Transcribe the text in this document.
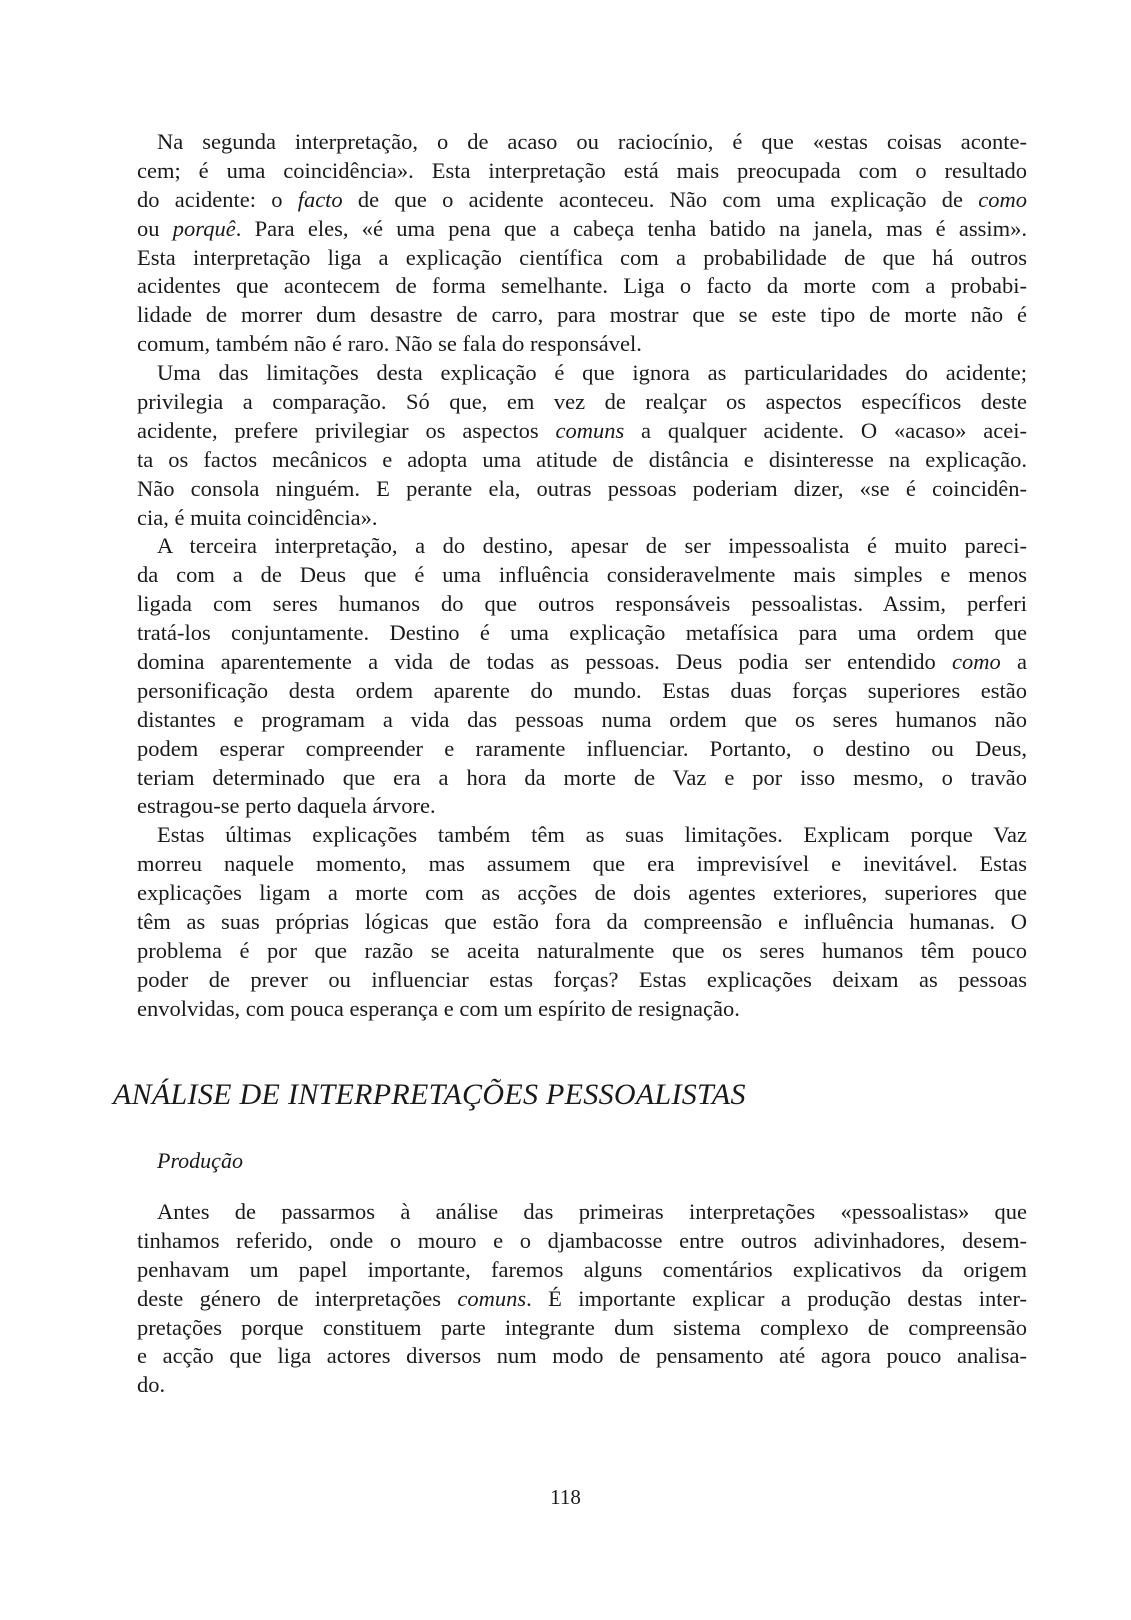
Na segunda interpretação, o de acaso ou raciocínio, é que «estas coisas aconte-
cem; é uma coincidência». Esta interpretação está mais preocupada com o resultado
do acidente: o facto de que o acidente aconteceu. Não com uma explicação de como
ou porquê. Para eles, «é uma pena que a cabeça tenha batido na janela, mas é assim».
Esta interpretação liga a explicação científica com a probabilidade de que há outros
acidentes que acontecem de forma semelhante. Liga o facto da morte com a probabi-
lidade de morrer dum desastre de carro, para mostrar que se este tipo de morte não é
comum, também não é raro. Não se fala do responsável.
Uma das limitações desta explicação é que ignora as particularidades do acidente;
privilegia a comparação. Só que, em vez de realçar os aspectos específicos deste
acidente, prefere privilegiar os aspectos comuns a qualquer acidente. O «acaso» acei-
ta os factos mecânicos e adopta uma atitude de distância e disinteresse na explicação.
Não consola ninguém. E perante ela, outras pessoas poderiam dizer, «se é coincidên-
cia, é muita coincidência».
A terceira interpretação, a do destino, apesar de ser impessoalista é muito pareci-
da com a de Deus que é uma influência consideravelmente mais simples e menos
ligada com seres humanos do que outros responsáveis pessoalistas. Assim, perferi
tratá-los conjuntamente. Destino é uma explicação metafísica para uma ordem que
domina aparentemente a vida de todas as pessoas. Deus podia ser entendido como a
personificação desta ordem aparente do mundo. Estas duas forças superiores estão
distantes e programam a vida das pessoas numa ordem que os seres humanos não
podem esperar compreender e raramente influenciar. Portanto, o destino ou Deus,
teriam determinado que era a hora da morte de Vaz e por isso mesmo, o travão
estragou-se perto daquela árvore.
Estas últimas explicações também têm as suas limitações. Explicam porque Vaz
morreu naquele momento, mas assumem que era imprevisível e inevitável. Estas
explicações ligam a morte com as acções de dois agentes exteriores, superiores que
têm as suas próprias lógicas que estão fora da compreensão e influência humanas. O
problema é por que razão se aceita naturalmente que os seres humanos têm pouco
poder de prever ou influenciar estas forças? Estas explicações deixam as pessoas
envolvidas, com pouca esperança e com um espírito de resignação.
ANÁLISE DE INTERPRETAÇÕES PESSOALISTAS
Produção
Antes de passarmos à análise das primeiras interpretações «pessoalistas» que
tinhamos referido, onde o mouro e o djambacosse entre outros adivinhadores, desem-
penhavam um papel importante, faremos alguns comentários explicativos da origem
deste género de interpretações comuns. É importante explicar a produção destas inter-
pretações porque constituem parte integrante dum sistema complexo de compreensão
e acção que liga actores diversos num modo de pensamento até agora pouco analisa-
do.
118
